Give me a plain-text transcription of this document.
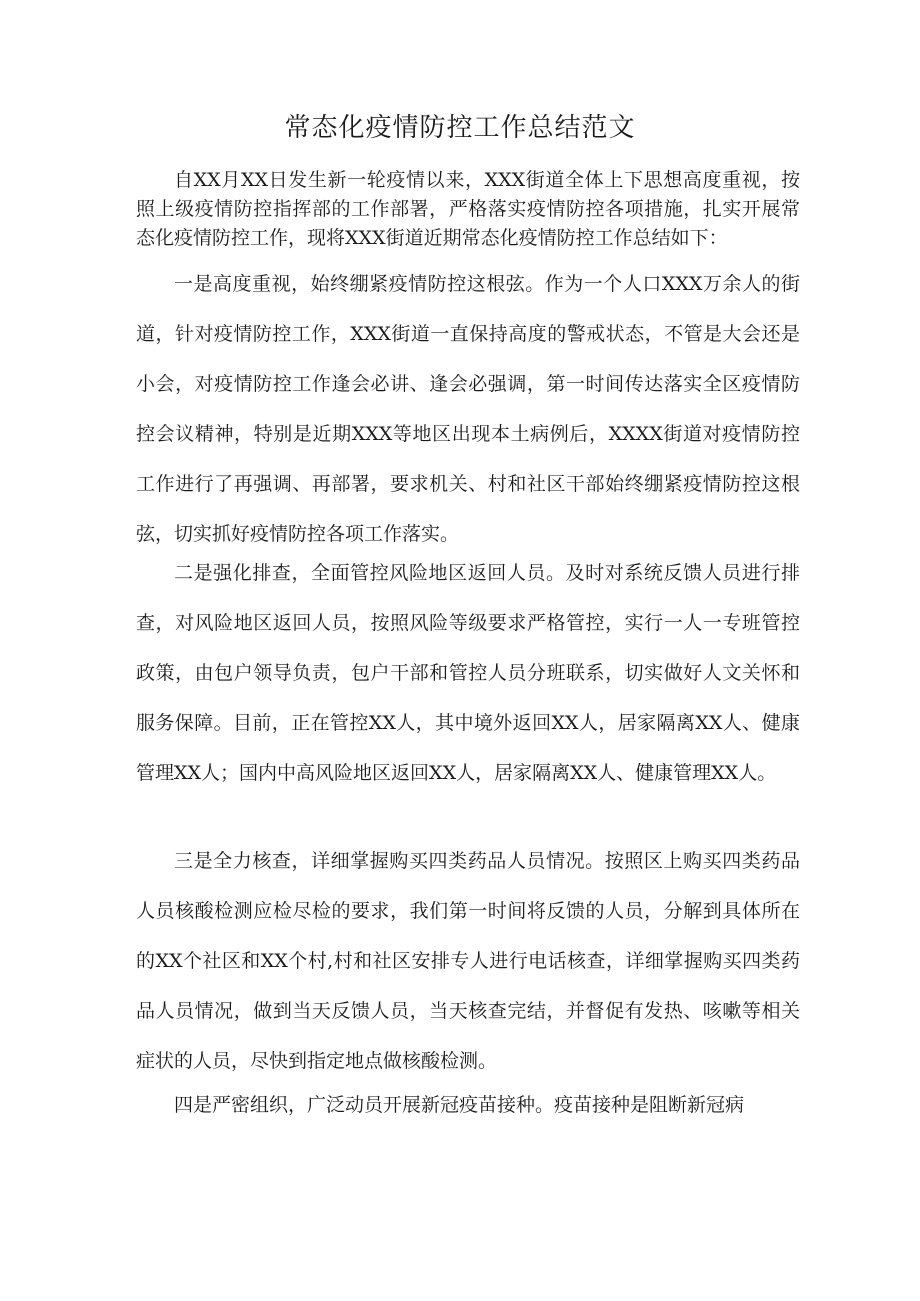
常态化疫情防控工作总结范文

自XX月XX日发生新一轮疫情以来，XXX街道全体上下思想高度重视，按照上级疫情防控指挥部的工作部署，严格落实疫情防控各项措施，扎实开展常态化疫情防控工作，现将XXX街道近期常态化疫情防控工作总结如下：

一是高度重视，始终绷紧疫情防控这根弦。作为一个人口XXX万余人的街道，针对疫情防控工作，XXX街道一直保持高度的警戒状态，不管是大会还是小会，对疫情防控工作逢会必讲、逢会必强调，第一时间传达落实全区疫情防控会议精神，特别是近期XXX等地区出现本土病例后，XXXX街道对疫情防控工作进行了再强调、再部署，要求机关、村和社区干部始终绷紧疫情防控这根弦，切实抓好疫情防控各项工作落实。

二是强化排查，全面管控风险地区返回人员。及时对系统反馈人员进行排查，对风险地区返回人员，按照风险等级要求严格管控，实行一人一专班管控政策，由包户领导负责，包户干部和管控人员分班联系，切实做好人文关怀和服务保障。目前，正在管控XX人，其中境外返回XX人，居家隔离XX人、健康管理XX人；国内中高风险地区返回XX人，居家隔离XX人、健康管理XX人。

三是全力核查，详细掌握购买四类药品人员情况。按照区上购买四类药品人员核酸检测应检尽检的要求，我们第一时间将反馈的人员，分解到具体所在的XX个社区和XX个村,村和社区安排专人进行电话核查，详细掌握购买四类药品人员情况，做到当天反馈人员，当天核查完结，并督促有发热、咳嗽等相关症状的人员，尽快到指定地点做核酸检测。

四是严密组织，广泛动员开展新冠疫苗接种。疫苗接种是阻断新冠病
